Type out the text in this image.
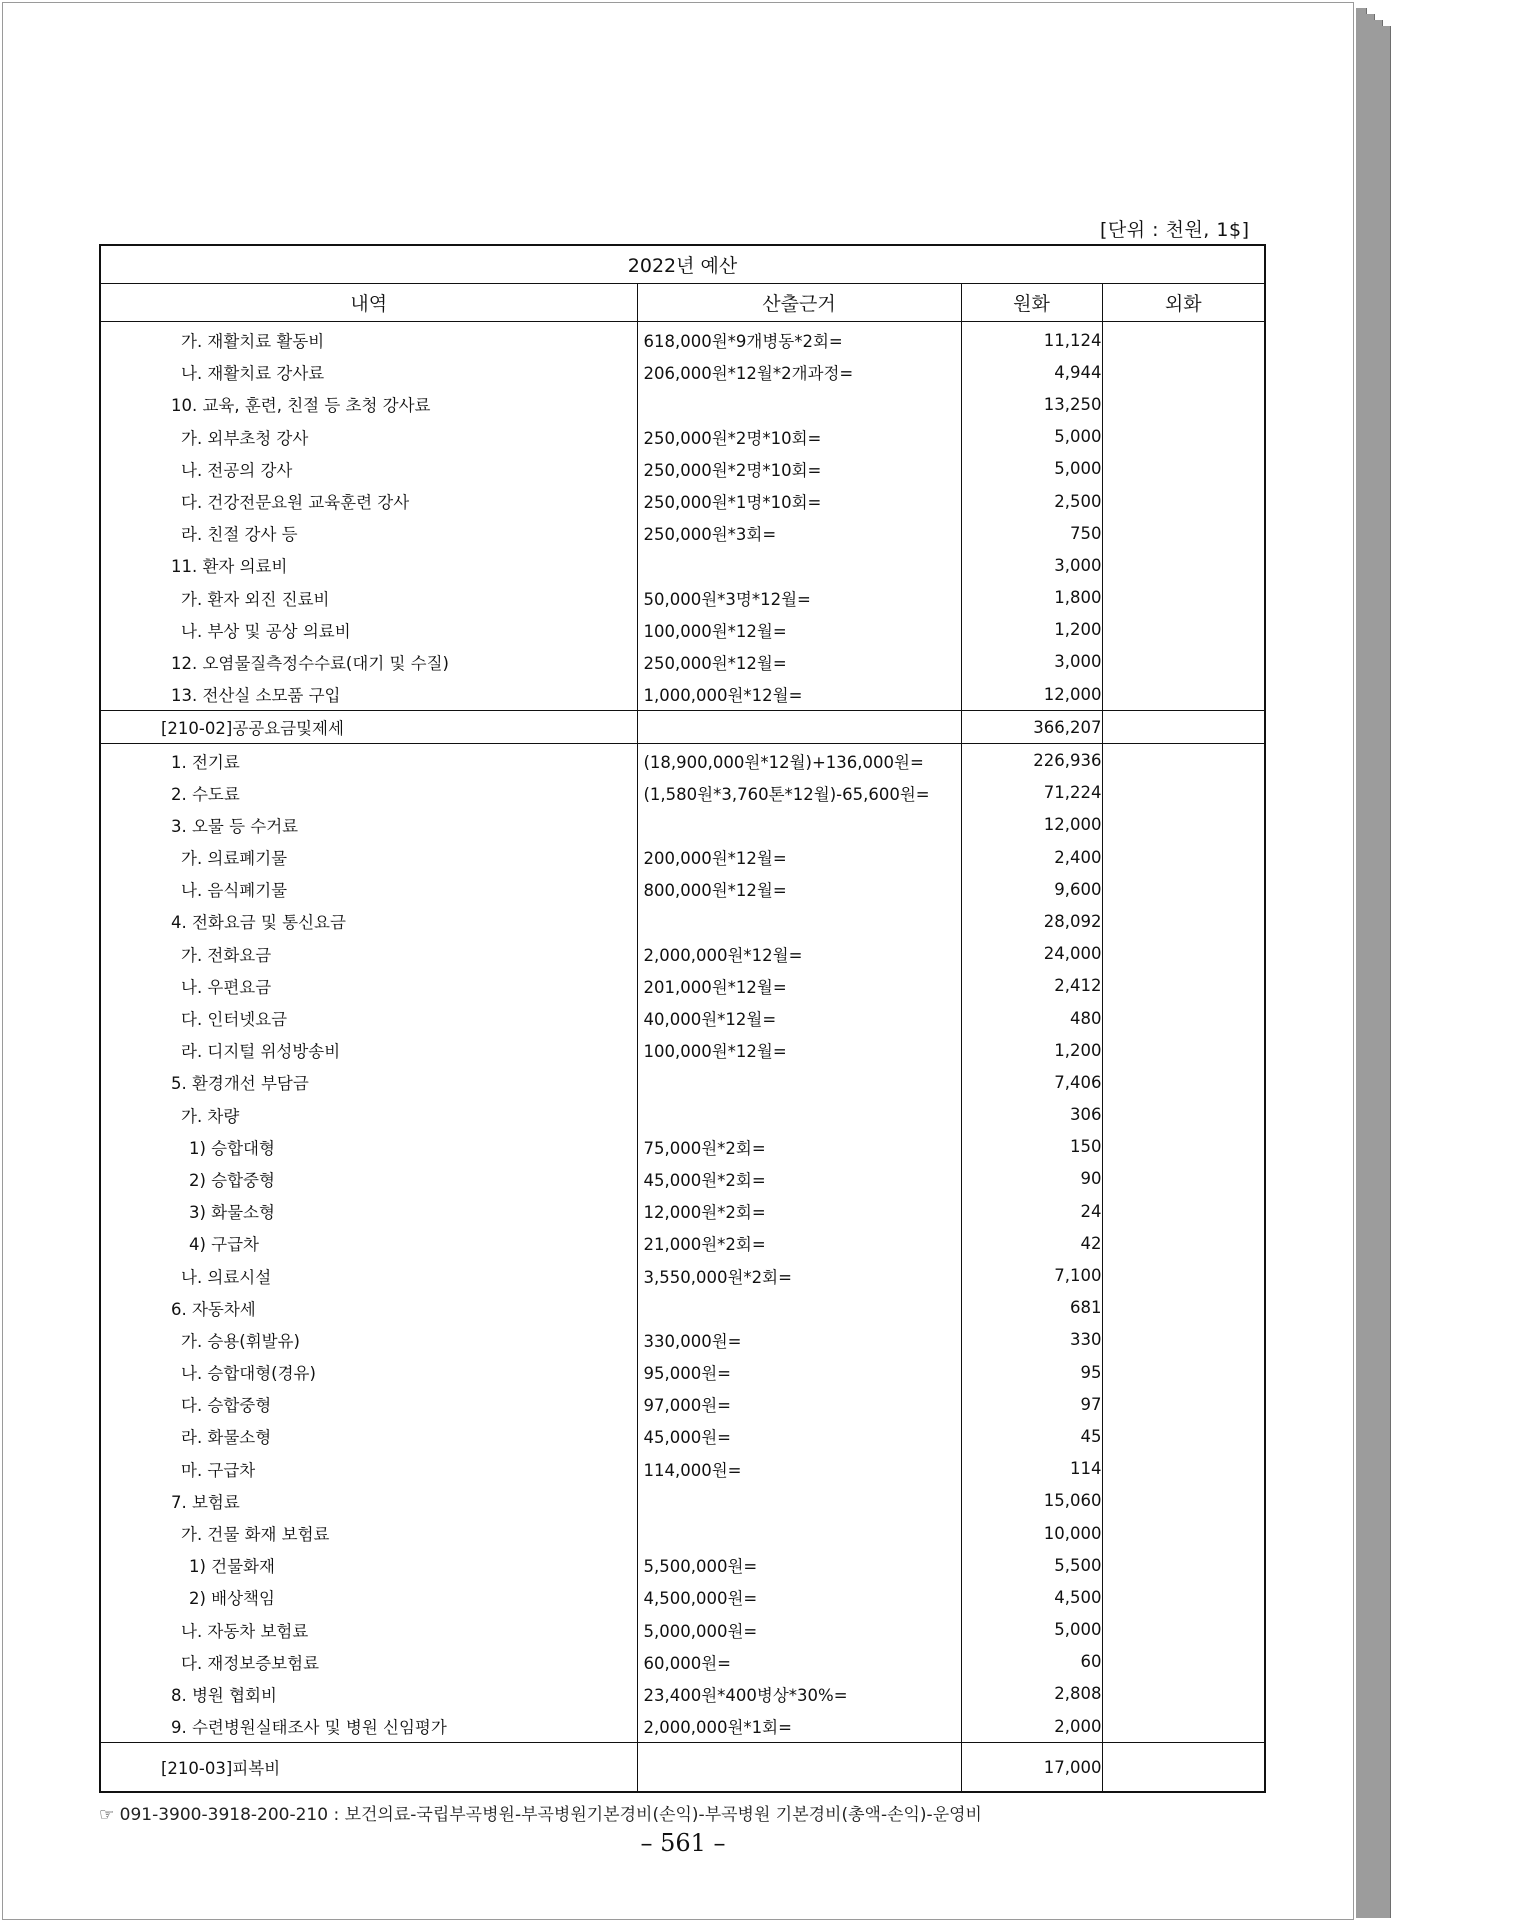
[단위 : 천원, 1$]
2022년 예산			
내역	산출근거	원화	외화
가. 재활치료 활동비	618,000원*9개병동*2회=	11,124	
나. 재활치료 강사료	206,000원*12월*2개과정=	4,944	
10. 교육, 훈련, 친절 등 초청 강사료		13,250	
가. 외부초청 강사	250,000원*2명*10회=	5,000	
나. 전공의 강사	250,000원*2명*10회=	5,000	
다. 건강전문요원 교육훈련 강사	250,000원*1명*10회=	2,500	
라. 친절 강사 등	250,000원*3회=	750	
11. 환자 의료비		3,000	
가. 환자 외진 진료비	50,000원*3명*12월=	1,800	
나. 부상 및 공상 의료비	100,000원*12월=	1,200	
12. 오염물질측정수수료(대기 및 수질)	250,000원*12월=	3,000	
13. 전산실 소모품 구입	1,000,000원*12월=	12,000	
[210-02]공공요금및제세		366,207	
1. 전기료	(18,900,000원*12월)+136,000원=	226,936	
2. 수도료	(1,580원*3,760톤*12월)-65,600원=	71,224	
3. 오물 등 수거료		12,000	
가. 의료폐기물	200,000원*12월=	2,400	
나. 음식폐기물	800,000원*12월=	9,600	
4. 전화요금 및 통신요금		28,092	
가. 전화요금	2,000,000원*12월=	24,000	
나. 우편요금	201,000원*12월=	2,412	
다. 인터넷요금	40,000원*12월=	480	
라. 디지털 위성방송비	100,000원*12월=	1,200	
5. 환경개선 부담금		7,406	
가. 차량		306	
1) 승합대형	75,000원*2회=	150	
2) 승합중형	45,000원*2회=	90	
3) 화물소형	12,000원*2회=	24	
4) 구급차	21,000원*2회=	42	
나. 의료시설	3,550,000원*2회=	7,100	
6. 자동차세		681	
가. 승용(휘발유)	330,000원=	330	
나. 승합대형(경유)	95,000원=	95	
다. 승합중형	97,000원=	97	
라. 화물소형	45,000원=	45	
마. 구급차	114,000원=	114	
7. 보험료		15,060	
가. 건물 화재 보험료		10,000	
1) 건물화재	5,500,000원=	5,500	
2) 배상책임	4,500,000원=	4,500	
나. 자동차 보험료	5,000,000원=	5,000	
다. 재정보증보험료	60,000원=	60	
8. 병원 협회비	23,400원*400병상*30%=	2,808	
9. 수련병원실태조사 및 병원 신임평가	2,000,000원*1회=	2,000	
[210-03]피복비		17,000	
☞ 091-3900-3918-200-210 : 보건의료-국립부곡병원-부곡병원기본경비(손익)-부곡병원 기본경비(총액-손익)-운영비
– 561 –
